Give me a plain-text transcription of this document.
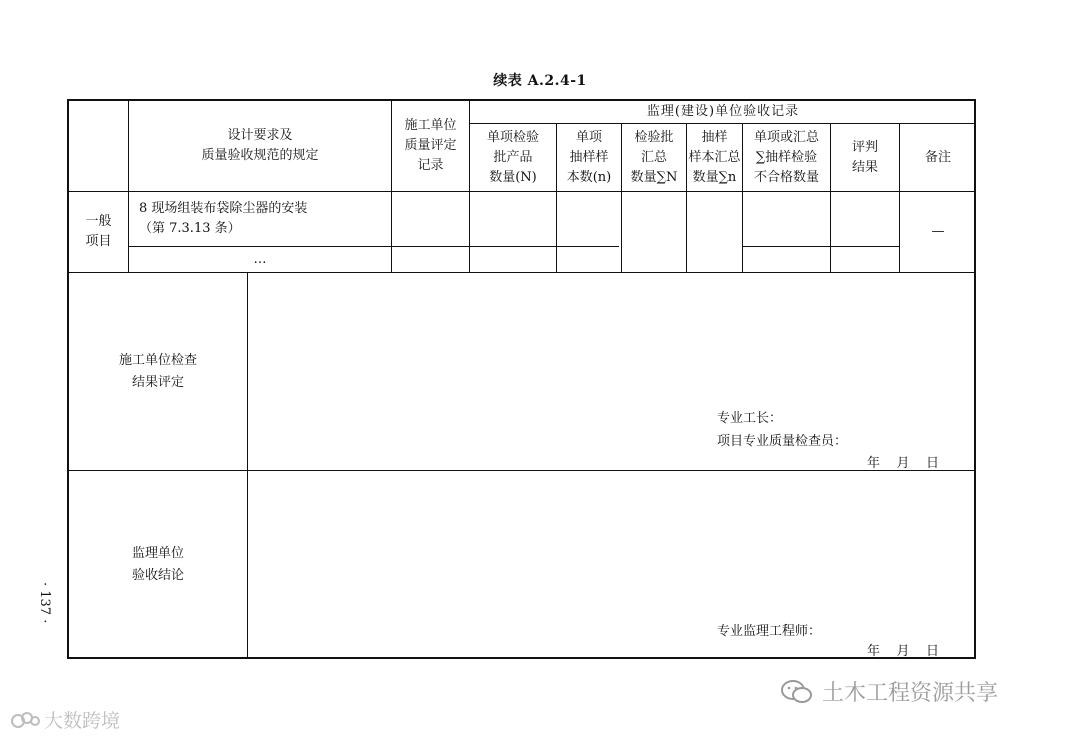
续表 A.2.4-1
设计要求及
质量验收规范的规定
施工单位
质量评定
记录
监理(建设)单位验收记录
单项检验
批产品
数量(N)
单项
抽样样
本数(n)
检验批
汇总
数量∑N
抽样
样本汇总
数量∑n
单项或汇总
∑抽样检验
不合格数量
评判
结果
备注
一般
项目
8 现场组装布袋除尘器的安装
（第 7.3.13 条）
…
—
施工单位检查
结果评定
专业工长：
项目专业质量检查员：
年    月    日
监理单位
验收结论
专业监理工程师：
年    月    日
· 137 ·
大数跨境
土木工程资源共享
